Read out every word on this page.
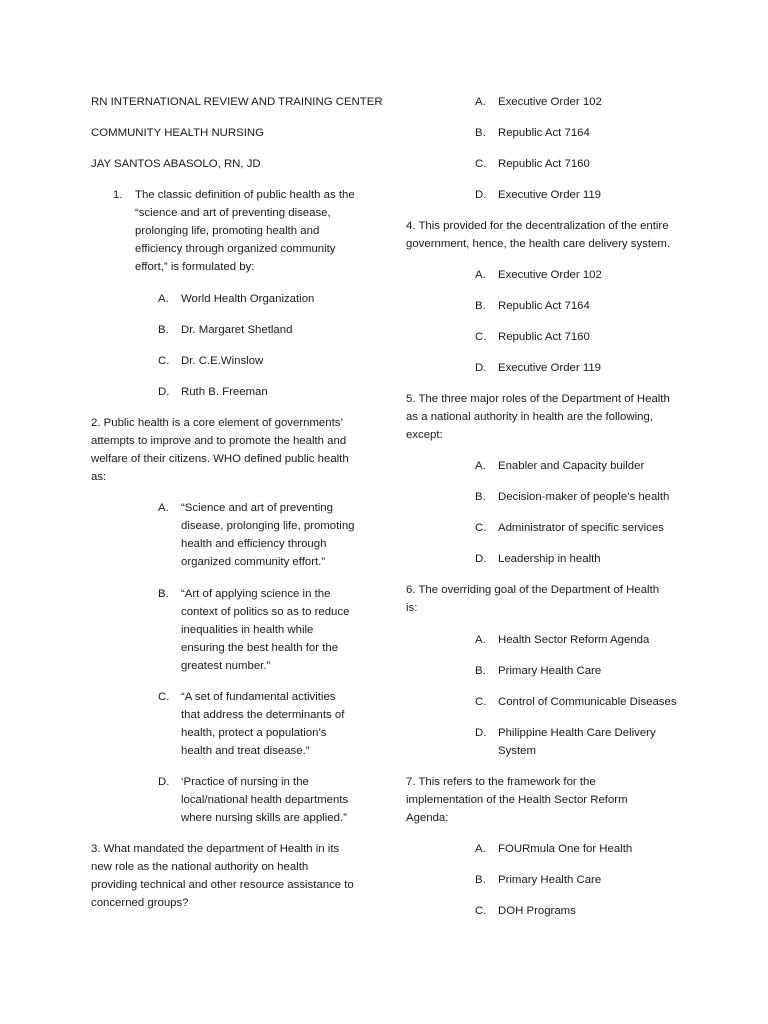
RN INTERNATIONAL REVIEW AND TRAINING CENTER

COMMUNITY HEALTH NURSING

JAY SANTOS ABASOLO, RN, JD

1. The classic definition of public health as the
“science and art of preventing disease,
prolonging life, promoting health and
efficiency through organized community
effort,” is formulated by:
A. World Health Organization
B. Dr. Margaret Shetland
C. Dr. C.E.Winslow
D. Ruth B. Freeman

2. Public health is a core element of governments’

attempts to improve and to promote the health and

welfare of their citizens. WHO defined public health

as:

A. “Science and art of preventing
disease, prolonging life, promoting
health and efficiency through
organized community effort.”
B. “Art of applying science in the
context of politics so as to reduce
inequalities in health while
ensuring the best health for the
greatest number.”
C. “A set of fundamental activities
that address the determinants of
health, protect a population’s
health and treat disease.”
D. ‘Practice of nursing in the
local/national health departments
where nursing skills are applied.”

3. What mandated the department of Health in its

new role as the national authority on health

providing technical and other resource assistance to

concerned groups?

A. Executive Order 102
B. Republic Act 7164
C. Republic Act 7160
D. Executive Order 119

4. This provided for the decentralization of the entire

government, hence, the health care delivery system.

A. Executive Order 102
B. Republic Act 7164
C. Republic Act 7160
D. Executive Order 119

5. The three major roles of the Department of Health

as a national authority in health are the following,

except:

A. Enabler and Capacity builder
B. Decision-maker of people’s health
C. Administrator of specific services
D. Leadership in health

6. The overriding goal of the Department of Health

is:

A. Health Sector Reform Agenda
B. Primary Health Care
C. Control of Communicable Diseases
D. Philippine Health Care Delivery
System

7. This refers to the framework for the

implementation of the Health Sector Reform

Agenda:

A. FOURmula One for Health
B. Primary Health Care
C. DOH Programs
